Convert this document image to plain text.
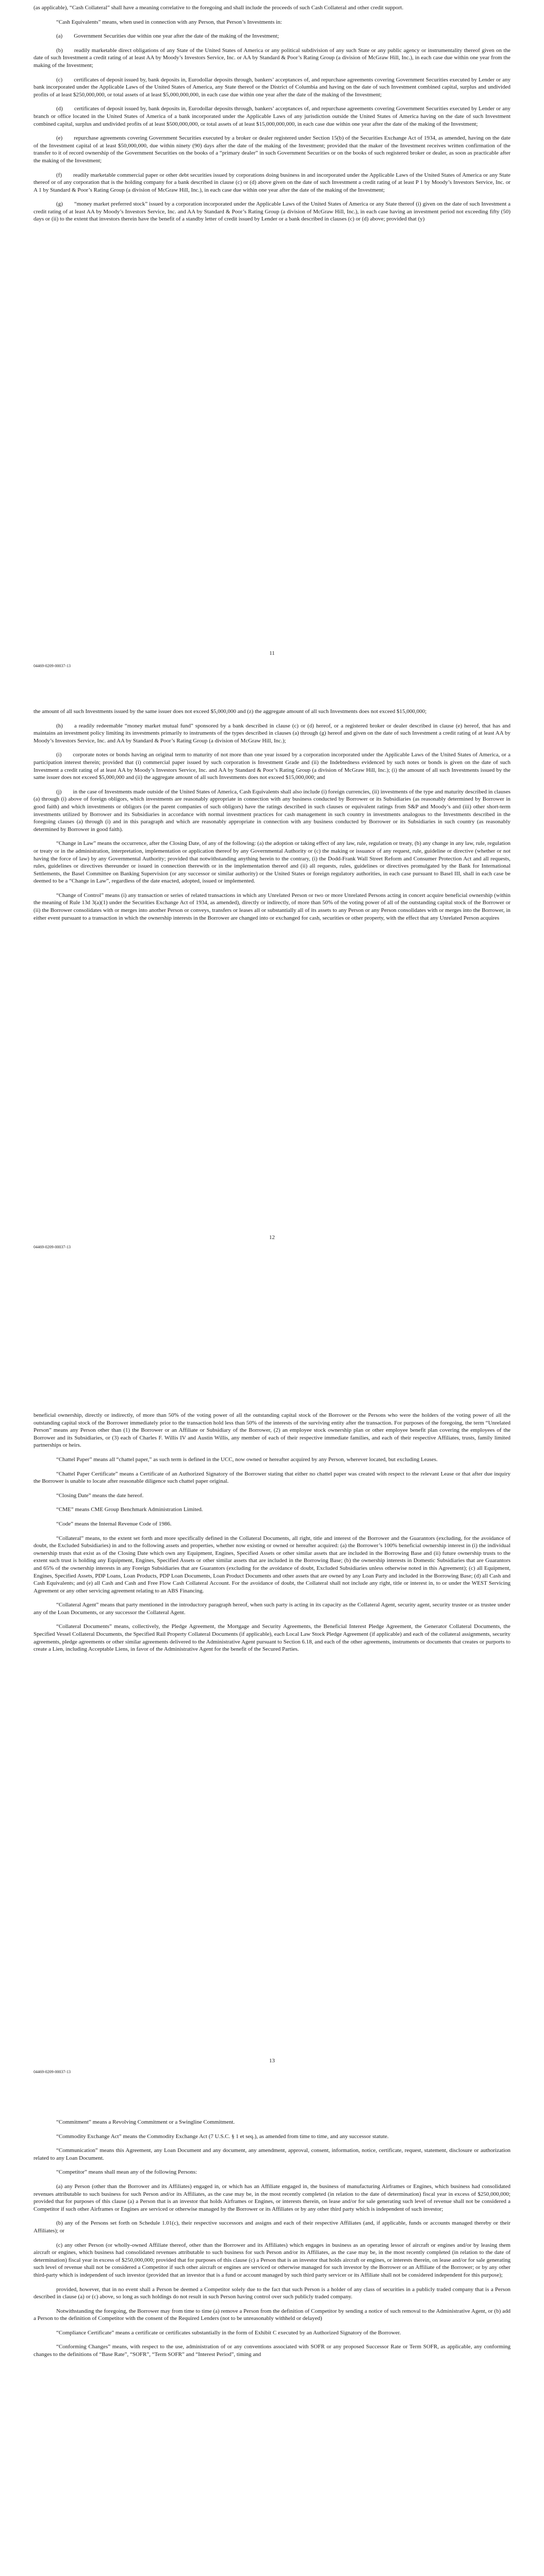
(as applicable), “Cash Collateral” shall have a meaning correlative to the foregoing and shall include the proceeds of such Cash Collateral and other credit support.

“Cash Equivalents” means, when used in connection with any Person, that Person’s Investments in:

(a)  Government Securities due within one year after the date of the making of the Investment;

(b)  readily marketable direct obligations of any State of the United States of America or any political subdivision of any such State or any public agency or instrumentality thereof given on the date of such Investment a credit rating of at least AA by Moody’s Investors Service, Inc. or AA by Standard & Poor’s Rating Group (a division of McGraw Hill, Inc.), in each case due within one year from the making of the Investment;

(c)  certificates of deposit issued by, bank deposits in, Eurodollar deposits through, bankers’ acceptances of, and repurchase agreements covering Government Securities executed by Lender or any bank incorporated under the Applicable Laws of the United States of America, any State thereof or the District of Columbia and having on the date of such Investment combined capital, surplus and undivided profits of at least $250,000,000, or total assets of at least $5,000,000,000, in each case due within one year after the date of the making of the Investment;

(d)  certificates of deposit issued by, bank deposits in, Eurodollar deposits through, bankers’ acceptances of, and repurchase agreements covering Government Securities executed by Lender or any branch or office located in the United States of America of a bank incorporated under the Applicable Laws of any jurisdiction outside the United States of America having on the date of such Investment combined capital, surplus and undivided profits of at least $500,000,000, or total assets of at least $15,000,000,000, in each case due within one year after the date of the making of the Investment;

(e)  repurchase agreements covering Government Securities executed by a broker or dealer registered under Section 15(b) of the Securities Exchange Act of 1934, as amended, having on the date of the Investment capital of at least $50,000,000, due within ninety (90) days after the date of the making of the Investment; provided that the maker of the Investment receives written confirmation of the transfer to it of record ownership of the Government Securities on the books of a “primary dealer” in such Government Securities or on the books of such registered broker or dealer, as soon as practicable after the making of the Investment;

(f)  readily marketable commercial paper or other debt securities issued by corporations doing business in and incorporated under the Applicable Laws of the United States of America or any State thereof or of any corporation that is the holding company for a bank described in clause (c) or (d) above given on the date of such Investment a credit rating of at least P 1 by Moody’s Investors Service, Inc. or A 1 by Standard & Poor’s Rating Group (a division of McGraw Hill, Inc.), in each case due within one year after the date of the making of the Investment;

(g)  “money market preferred stock” issued by a corporation incorporated under the Applicable Laws of the United States of America or any State thereof (i) given on the date of such Investment a credit rating of at least AA by Moody’s Investors Service, Inc. and AA by Standard & Poor’s Rating Group (a division of McGraw Hill, Inc.), in each case having an investment period not exceeding fifty (50) days or (ii) to the extent that investors therein have the benefit of a standby letter of credit issued by Lender or a bank described in clauses (c) or (d) above; provided that (y)

11
04469-0209-00037-13

the amount of all such Investments issued by the same issuer does not exceed $5,000,000 and (z) the aggregate amount of all such Investments does not exceed $15,000,000;

(h)  a readily redeemable “money market mutual fund” sponsored by a bank described in clause (c) or (d) hereof, or a registered broker or dealer described in clause (e) hereof, that has and maintains an investment policy limiting its investments primarily to instruments of the types described in clauses (a) through (g) hereof and given on the date of such Investment a credit rating of at least AA by Moody’s Investors Service, Inc. and AA by Standard & Poor’s Rating Group (a division of McGraw Hill, Inc.);

(i)  corporate notes or bonds having an original term to maturity of not more than one year issued by a corporation incorporated under the Applicable Laws of the United States of America, or a participation interest therein; provided that (i) commercial paper issued by such corporation is Investment Grade and (ii) the Indebtedness evidenced by such notes or bonds is given on the date of such Investment a credit rating of at least AA by Moody’s Investors Service, Inc. and AA by Standard & Poor’s Rating Group (a division of McGraw Hill, Inc.); (i) the amount of all such Investments issued by the same issuer does not exceed $5,000,000 and (ii) the aggregate amount of all such Investments does not exceed $15,000,000; and

(j)  in the case of Investments made outside of the United States of America, Cash Equivalents shall also include (i) foreign currencies, (ii) investments of the type and maturity described in clauses (a) through (i) above of foreign obligors, which investments are reasonably appropriate in connection with any business conducted by Borrower or its Subsidiaries (as reasonably determined by Borrower in good faith) and which investments or obligors (or the parent companies of such obligors) have the ratings described in such clauses or equivalent ratings from S&P and Moody’s and (iii) other short-term investments utilized by Borrower and its Subsidiaries in accordance with normal investment practices for cash management in such country in investments analogous to the Investments described in the foregoing clauses (a) through (i) and in this paragraph and which are reasonably appropriate in connection with any business conducted by Borrower or its Subsidiaries in such country (as reasonably determined by Borrower in good faith).

“Change in Law” means the occurrence, after the Closing Date, of any of the following: (a) the adoption or taking effect of any law, rule, regulation or treaty, (b) any change in any law, rule, regulation or treaty or in the administration, interpretation, implementation or application thereof by any Governmental Authority or (c) the making or issuance of any request, rule, guideline or directive (whether or not having the force of law) by any Governmental Authority; provided that notwithstanding anything herein to the contrary, (i) the Dodd-Frank Wall Street Reform and Consumer Protection Act and all requests, rules, guidelines or directives thereunder or issued in connection therewith or in the implementation thereof and (ii) all requests, rules, guidelines or directives promulgated by the Bank for International Settlements, the Basel Committee on Banking Supervision (or any successor or similar authority) or the United States or foreign regulatory authorities, in each case pursuant to Basel III, shall in each case be deemed to be a “Change in Law”, regardless of the date enacted, adopted, issued or implemented.

“Change of Control” means (i) any transaction or series of related transactions in which any Unrelated Person or two or more Unrelated Persons acting in concert acquire beneficial ownership (within the meaning of Rule 13d 3(a)(1) under the Securities Exchange Act of 1934, as amended), directly or indirectly, of more than 50% of the voting power of all of the outstanding capital stock of the Borrower or (ii) the Borrower consolidates with or merges into another Person or conveys, transfers or leases all or substantially all of its assets to any Person or any Person consolidates with or merges into the Borrower, in either event pursuant to a transaction in which the ownership interests in the Borrower are changed into or exchanged for cash, securities or other property, with the effect that any Unrelated Person acquires

12
04469-0209-00037-13

beneficial ownership, directly or indirectly, of more than 50% of the voting power of all the outstanding capital stock of the Borrower or the Persons who were the holders of the voting power of all the outstanding capital stock of the Borrower immediately prior to the transaction hold less than 50% of the interests of the surviving entity after the transaction. For purposes of the foregoing, the term “Unrelated Person” means any Person other than (1) the Borrower or an Affiliate or Subsidiary of the Borrower, (2) an employee stock ownership plan or other employee benefit plan covering the employees of the Borrower and its Subsidiaries, or (3) each of Charles F. Willis IV and Austin Willis, any member of each of their respective immediate families, and each of their respective Affiliates, trusts, family limited partnerships or heirs.

“Chattel Paper” means all “chattel paper,” as such term is defined in the UCC, now owned or hereafter acquired by any Person, wherever located, but excluding Leases.

“Chattel Paper Certificate” means a Certificate of an Authorized Signatory of the Borrower stating that either no chattel paper was created with respect to the relevant Lease or that after due inquiry the Borrower is unable to locate after reasonable diligence such chattel paper original.

“Closing Date” means the date hereof.

“CME” means CME Group Benchmark Administration Limited.

“Code” means the Internal Revenue Code of 1986.

“Collateral” means, to the extent set forth and more specifically defined in the Collateral Documents, all right, title and interest of the Borrower and the Guarantors (excluding, for the avoidance of doubt, the Excluded Subsidiaries) in and to the following assets and properties, whether now existing or owned or hereafter acquired: (a) the Borrower’s 100% beneficial ownership interest in (i) the individual ownership trusts that exist as of the Closing Date which own any Equipment, Engines, Specified Assets or other similar assets that are included in the Borrowing Base and (ii) future ownership trusts to the extent such trust is holding any Equipment, Engines, Specified Assets or other similar assets that are included in the Borrowing Base; (b) the ownership interests in Domestic Subsidiaries that are Guarantors and 65% of the ownership interests in any Foreign Subsidiaries that are Guarantors (excluding for the avoidance of doubt, Excluded Subsidiaries unless otherwise noted in this Agreement); (c) all Equipment, Engines, Specified Assets, PDP Loans, Loan Products, PDP Loan Documents, Loan Product Documents and other assets that are owned by any Loan Party and included in the Borrowing Base; (d) all Cash and Cash Equivalents; and (e) all Cash and Cash and Free Flow Cash Collateral Account. For the avoidance of doubt, the Collateral shall not include any right, title or interest in, to or under the WEST Servicing Agreement or any other servicing agreement relating to an ABS Financing.

“Collateral Agent” means that party mentioned in the introductory paragraph hereof, when such party is acting in its capacity as the Collateral Agent, security agent, security trustee or as trustee under any of the Loan Documents, or any successor the Collateral Agent.

“Collateral Documents” means, collectively, the Pledge Agreement, the Mortgage and Security Agreements, the Beneficial Interest Pledge Agreement, the Generator Collateral Documents, the Specified Vessel Collateral Documents, the Specified Rail Property Collateral Documents (if applicable), each Local Law Stock Pledge Agreement (if applicable) and each of the collateral assignments, security agreements, pledge agreements or other similar agreements delivered to the Administrative Agent pursuant to Section 6.18, and each of the other agreements, instruments or documents that creates or purports to create a Lien, including Acceptable Liens, in favor of the Administrative Agent for the benefit of the Secured Parties.

13
04469-0209-00037-13

“Commitment” means a Revolving Commitment or a Swingline Commitment.

“Commodity Exchange Act” means the Commodity Exchange Act (7 U.S.C. § 1 et seq.), as amended from time to time, and any successor statute.

“Communication” means this Agreement, any Loan Document and any document, any amendment, approval, consent, information, notice, certificate, request, statement, disclosure or authorization related to any Loan Document.

“Competitor” means shall mean any of the following Persons:

(a) any Person (other than the Borrower and its Affiliates) engaged in, or which has an Affiliate engaged in, the business of manufacturing Airframes or Engines, which business had consolidated revenues attributable to such business for such Person and/or its Affiliates, as the case may be, in the most recently completed (in relation to the date of determination) fiscal year in excess of $250,000,000; provided that for purposes of this clause (a) a Person that is an investor that holds Airframes or Engines, or interests therein, on lease and/or for sale generating such level of revenue shall not be considered a Competitor if such other Airframes or Engines are serviced or otherwise managed by the Borrower or its Affiliates or by any other third party which is independent of such investor;

(b) any of the Persons set forth on Schedule 1.01(c), their respective successors and assigns and each of their respective Affiliates (and, if applicable, funds or accounts managed thereby or their Affiliates); or

(c) any other Person (or wholly-owned Affiliate thereof, other than the Borrower and its Affiliates) which engages in business as an operating lessor of aircraft or engines and/or by leasing them aircraft or engines, which business had consolidated revenues attributable to such business for such Person and/or its Affiliates, as the case may be, in the most recently completed (in relation to the date of determination) fiscal year in excess of $250,000,000; provided that for purposes of this clause (c) a Person that is an investor that holds aircraft or engines, or interests therein, on lease and/or for sale generating such level of revenue shall not be considered a Competitor if such other aircraft or engines are serviced or otherwise managed for such investor by the Borrower or an Affiliate of the Borrower; or by any other third-party which is independent of such investor (provided that an investor that is a fund or account managed by such third party servicer or its Affiliate shall not be considered independent for this purpose);

provided, however, that in no event shall a Person be deemed a Competitor solely due to the fact that such Person is a holder of any class of securities in a publicly traded company that is a Person described in clause (a) or (c) above, so long as such holdings do not result in such Person having control over such publicly traded company.

Notwithstanding the foregoing, the Borrower may from time to time (a) remove a Person from the definition of Competitor by sending a notice of such removal to the Administrative Agent, or (b) add a Person to the definition of Competitor with the consent of the Required Lenders (not to be unreasonably withheld or delayed)

“Compliance Certificate” means a certificate or certificates substantially in the form of Exhibit C executed by an Authorized Signatory of the Borrower.

“Conforming Changes” means, with respect to the use, administration of or any conventions associated with SOFR or any proposed Successor Rate or Term SOFR, as applicable, any conforming changes to the definitions of “Base Rate”, “SOFR”, “Term SOFR” and “Interest Period”, timing and
